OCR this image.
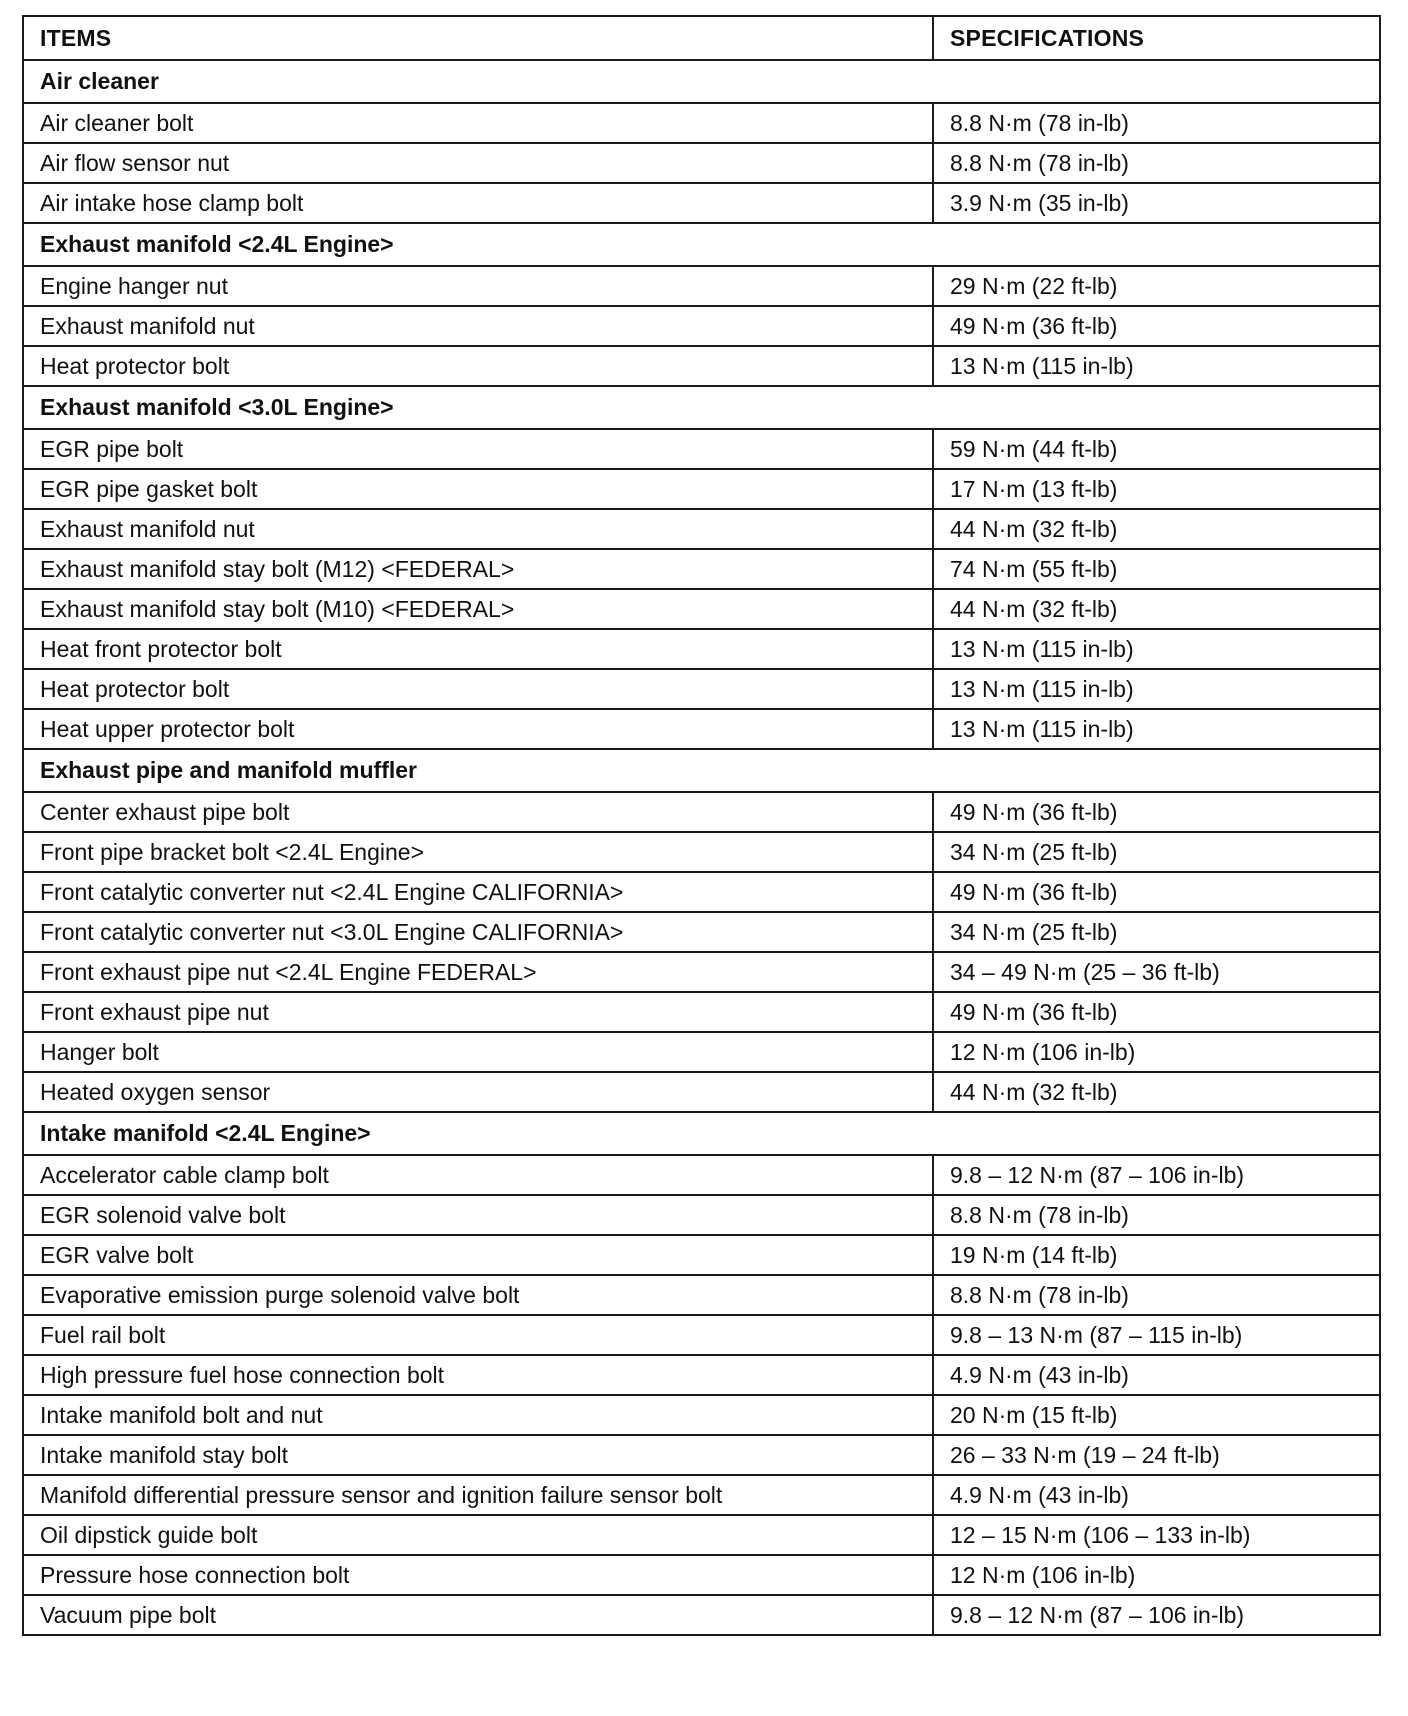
ITEMS	SPECIFICATIONS
Air cleaner	
Air cleaner bolt	8.8 N·m (78 in-lb)
Air flow sensor nut	8.8 N·m (78 in-lb)
Air intake hose clamp bolt	3.9 N·m (35 in-lb)
Exhaust manifold <2.4L Engine>	
Engine hanger nut	29 N·m (22 ft-lb)
Exhaust manifold nut	49 N·m (36 ft-lb)
Heat protector bolt	13 N·m (115 in-lb)
Exhaust manifold <3.0L Engine>	
EGR pipe bolt	59 N·m (44 ft-lb)
EGR pipe gasket bolt	17 N·m (13 ft-lb)
Exhaust manifold nut	44 N·m (32 ft-lb)
Exhaust manifold stay bolt (M12) <FEDERAL>	74 N·m (55 ft-lb)
Exhaust manifold stay bolt (M10) <FEDERAL>	44 N·m (32 ft-lb)
Heat front protector bolt	13 N·m (115 in-lb)
Heat protector bolt	13 N·m (115 in-lb)
Heat upper protector bolt	13 N·m (115 in-lb)
Exhaust pipe and manifold muffler	
Center exhaust pipe bolt	49 N·m (36 ft-lb)
Front pipe bracket bolt <2.4L Engine>	34 N·m (25 ft-lb)
Front catalytic converter nut <2.4L Engine CALIFORNIA>	49 N·m (36 ft-lb)
Front catalytic converter nut <3.0L Engine CALIFORNIA>	34 N·m (25 ft-lb)
Front exhaust pipe nut <2.4L Engine FEDERAL>	34 – 49 N·m (25 – 36 ft-lb)
Front exhaust pipe nut	49 N·m (36 ft-lb)
Hanger bolt	12 N·m (106 in-lb)
Heated oxygen sensor	44 N·m (32 ft-lb)
Intake manifold <2.4L Engine>	
Accelerator cable clamp bolt	9.8 – 12 N·m (87 – 106 in-lb)
EGR solenoid valve bolt	8.8 N·m (78 in-lb)
EGR valve bolt	19 N·m (14 ft-lb)
Evaporative emission purge solenoid valve bolt	8.8 N·m (78 in-lb)
Fuel rail bolt	9.8 – 13 N·m (87 – 115 in-lb)
High pressure fuel hose connection bolt	4.9 N·m (43 in-lb)
Intake manifold bolt and nut	20 N·m (15 ft-lb)
Intake manifold stay bolt	26 – 33 N·m (19 – 24 ft-lb)
Manifold differential pressure sensor and ignition failure sensor bolt	4.9 N·m (43 in-lb)
Oil dipstick guide bolt	12 – 15 N·m (106 – 133 in-lb)
Pressure hose connection bolt	12 N·m (106 in-lb)
Vacuum pipe bolt	9.8 – 12 N·m (87 – 106 in-lb)
